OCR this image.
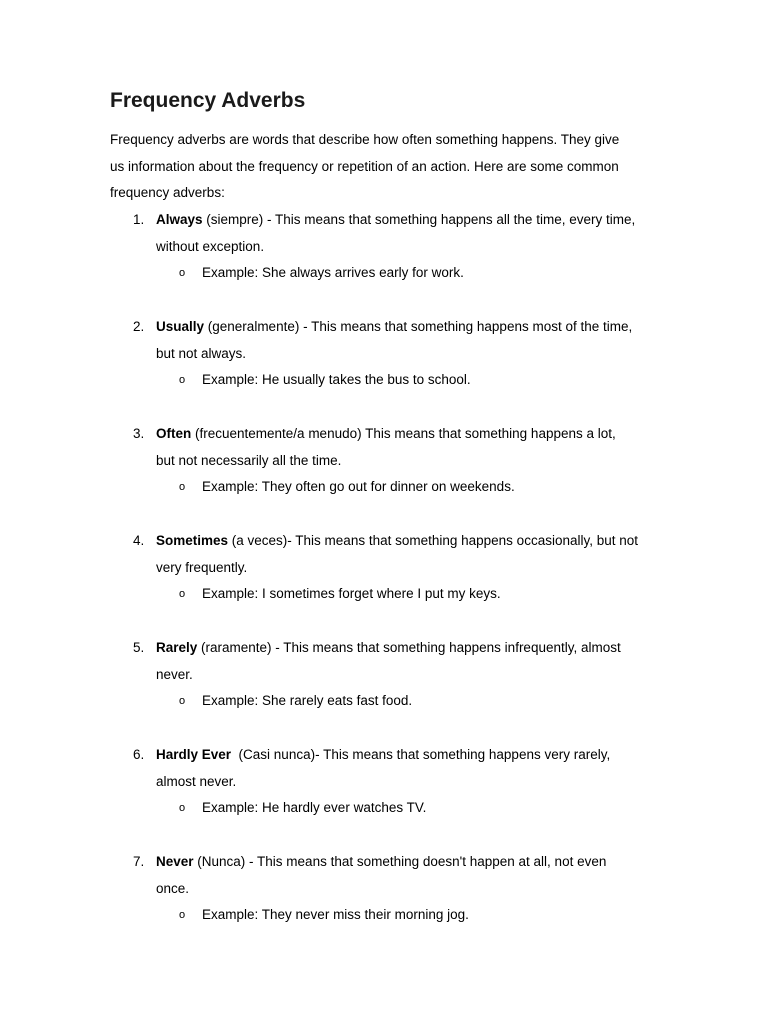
Frequency Adverbs

Frequency adverbs are words that describe how often something happens. They give
us information about the frequency or repetition of an action. Here are some common
frequency adverbs:

1. Always (siempre) - This means that something happens all the time, every time,
without exception.
o Example: She always arrives early for work.
2. Usually (generalmente) - This means that something happens most of the time,
but not always.
o Example: He usually takes the bus to school.
3. Often (frecuentemente/a menudo) This means that something happens a lot,
but not necessarily all the time.
o Example: They often go out for dinner on weekends.
4. Sometimes (a veces)- This means that something happens occasionally, but not
very frequently.
o Example: I sometimes forget where I put my keys.
5. Rarely (raramente) - This means that something happens infrequently, almost
never.
o Example: She rarely eats fast food.
6. Hardly Ever  (Casi nunca)- This means that something happens very rarely,
almost never.
o Example: He hardly ever watches TV.
7. Never (Nunca) - This means that something doesn't happen at all, not even
once.
o Example: They never miss their morning jog.
